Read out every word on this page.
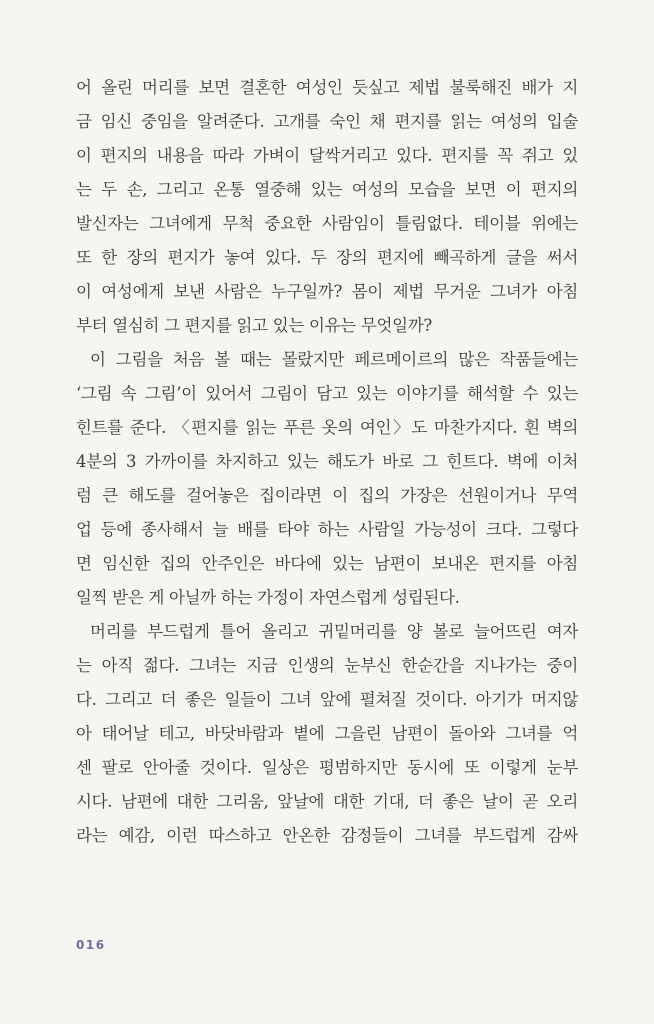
어 올린 머리를 보면 결혼한 여성인 듯싶고 제법 불룩해진 배가 지
금 임신 중임을 알려준다. 고개를 숙인 채 편지를 읽는 여성의 입술
이 편지의 내용을 따라 가벼이 달싹거리고 있다. 편지를 꼭 쥐고 있
는 두 손, 그리고 온통 열중해 있는 여성의 모습을 보면 이 편지의
발신자는 그녀에게 무척 중요한 사람임이 틀림없다. 테이블 위에는
또 한 장의 편지가 놓여 있다. 두 장의 편지에 빼곡하게 글을 써서
이 여성에게 보낸 사람은 누구일까? 몸이 제법 무거운 그녀가 아침
부터 열심히 그 편지를 읽고 있는 이유는 무엇일까?
이 그림을 처음 볼 때는 몰랐지만 페르메이르의 많은 작품들에는
‘그림 속 그림’이 있어서 그림이 담고 있는 이야기를 해석할 수 있는
힌트를 준다. 〈편지를 읽는 푸른 옷의 여인〉도 마찬가지다. 흰 벽의
4분의 3 가까이를 차지하고 있는 해도가 바로 그 힌트다. 벽에 이처
럼 큰 해도를 걸어놓은 집이라면 이 집의 가장은 선원이거나 무역
업 등에 종사해서 늘 배를 타야 하는 사람일 가능성이 크다. 그렇다
면 임신한 집의 안주인은 바다에 있는 남편이 보내온 편지를 아침
일찍 받은 게 아닐까 하는 가정이 자연스럽게 성립된다.
머리를 부드럽게 틀어 올리고 귀밑머리를 양 볼로 늘어뜨린 여자
는 아직 젊다. 그녀는 지금 인생의 눈부신 한순간을 지나가는 중이
다. 그리고 더 좋은 일들이 그녀 앞에 펼쳐질 것이다. 아기가 머지않
아 태어날 테고, 바닷바람과 볕에 그을린 남편이 돌아와 그녀를 억
센 팔로 안아줄 것이다. 일상은 평범하지만 동시에 또 이렇게 눈부
시다. 남편에 대한 그리움, 앞날에 대한 기대, 더 좋은 날이 곧 오리
라는 예감, 이런 따스하고 안온한 감정들이 그녀를 부드럽게 감싸
016
